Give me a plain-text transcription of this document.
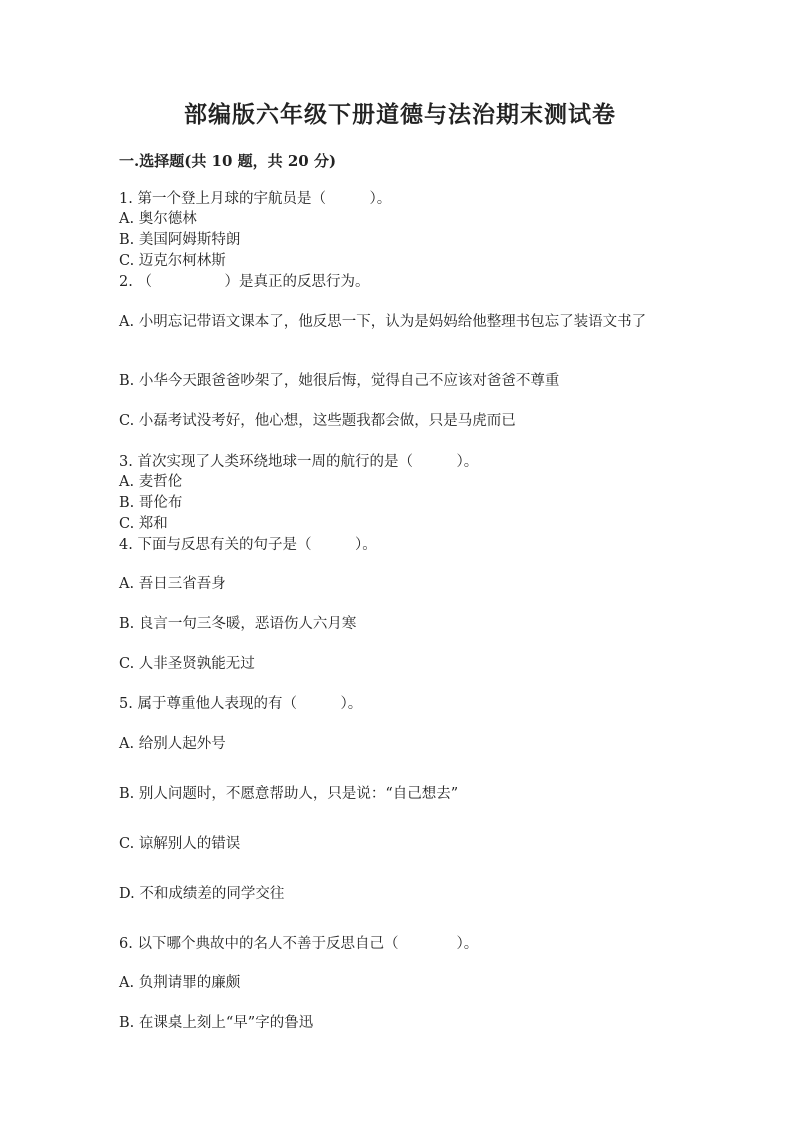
部编版六年级下册道德与法治期末测试卷
一.选择题(共 10 题，共 20 分)

1. 第一个登上月球的宇航员是（　　　）。

A. 奥尔德林

B. 美国阿姆斯特朗

C. 迈克尔柯林斯

2. （　　　　　）是真正的反思行为。

A. 小明忘记带语文课本了，他反思一下，认为是妈妈给他整理书包忘了装语文书了

B. 小华今天跟爸爸吵架了，她很后悔，觉得自己不应该对爸爸不尊重

C. 小磊考试没考好，他心想，这些题我都会做，只是马虎而已

3. 首次实现了人类环绕地球一周的航行的是（　　　）。

A. 麦哲伦

B. 哥伦布

C. 郑和

4. 下面与反思有关的句子是（　　　）。

A. 吾日三省吾身

B. 良言一句三冬暖，恶语伤人六月寒

C. 人非圣贤孰能无过

5. 属于尊重他人表现的有（　　　）。

A. 给别人起外号

B. 别人问题时，不愿意帮助人，只是说：“自己想去”

C. 谅解别人的错误

D. 不和成绩差的同学交往

6. 以下哪个典故中的名人不善于反思自己（　　　　）。

A. 负荆请罪的廉颇

B. 在课桌上刻上“早”字的鲁迅
